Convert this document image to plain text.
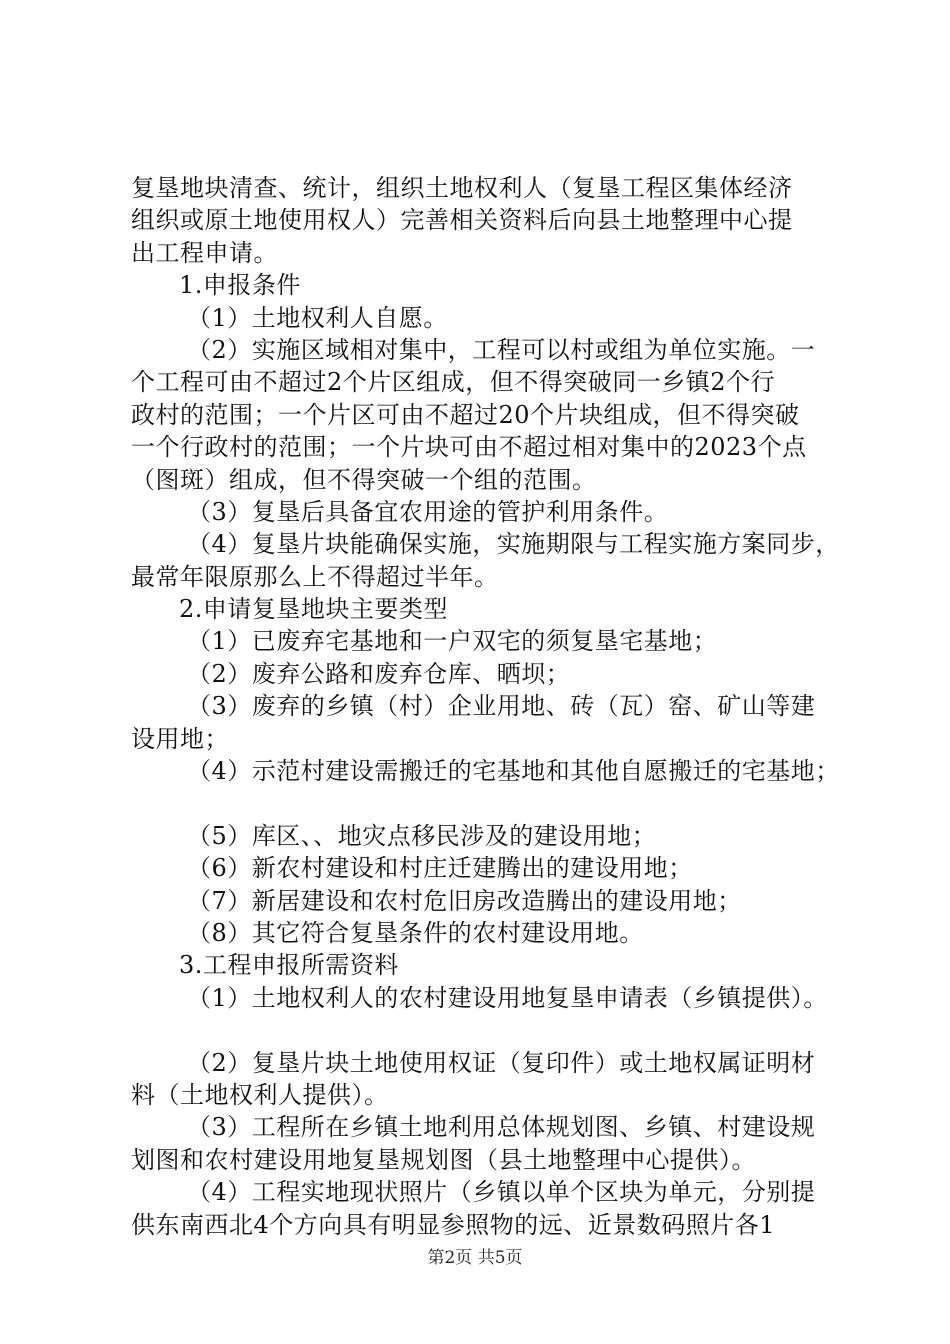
复垦地块清查、统计，组织土地权利人（复垦工程区集体经济
组织或原土地使用权人）完善相关资料后向县土地整理中心提
出工程申请。
1.申报条件
（1）土地权利人自愿。
（2）实施区域相对集中，工程可以村或组为单位实施。一
个工程可由不超过2个片区组成，但不得突破同一乡镇2个行
政村的范围；一个片区可由不超过20个片块组成，但不得突破
一个行政村的范围；一个片块可由不超过相对集中的2023个点
（图斑）组成，但不得突破一个组的范围。
（3）复垦后具备宜农用途的管护利用条件。
（4）复垦片块能确保实施，实施期限与工程实施方案同步，
最常年限原那么上不得超过半年。
2.申请复垦地块主要类型
（1）已废弃宅基地和一户双宅的须复垦宅基地；
（2）废弃公路和废弃仓库、晒坝；
（3）废弃的乡镇（村）企业用地、砖（瓦）窑、矿山等建
设用地；
（4）示范村建设需搬迁的宅基地和其他自愿搬迁的宅基地；
（5）库区、、地灾点移民涉及的建设用地；
（6）新农村建设和村庄迁建腾出的建设用地；
（7）新居建设和农村危旧房改造腾出的建设用地；
（8）其它符合复垦条件的农村建设用地。
3.工程申报所需资料
（1）土地权利人的农村建设用地复垦申请表（乡镇提供）。
（2）复垦片块土地使用权证（复印件）或土地权属证明材
料（土地权利人提供）。
（3）工程所在乡镇土地利用总体规划图、乡镇、村建设规
划图和农村建设用地复垦规划图（县土地整理中心提供）。
（4）工程实地现状照片（乡镇以单个区块为单元，分别提
供东南西北4个方向具有明显参照物的远、近景数码照片各1
第2页 共5页
